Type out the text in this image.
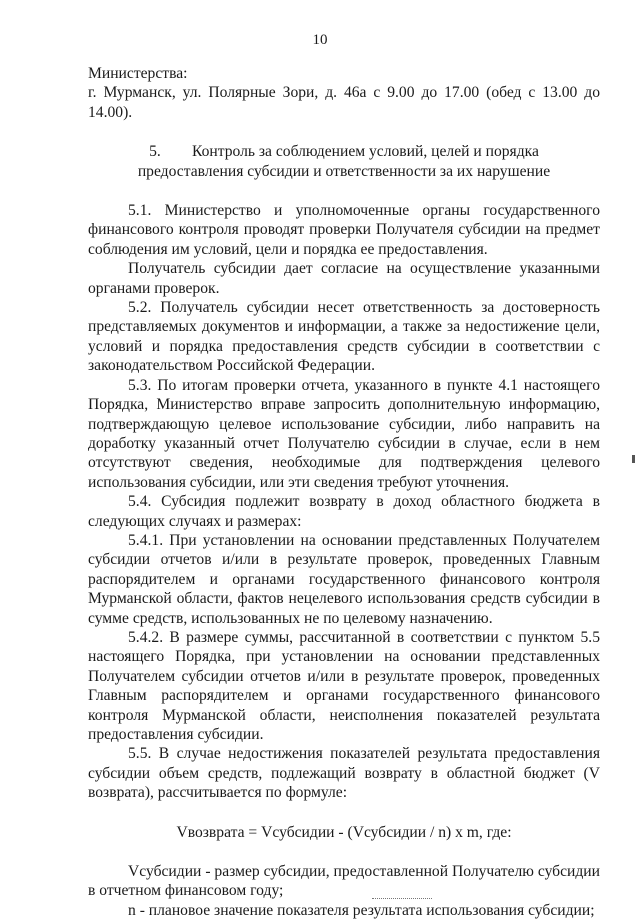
10

Министерства:

г. Мурманск, ул. Полярные Зори, д. 46а с 9.00 до 17.00 (обед с 13.00 до 14.00).

5.        Контроль за соблюдением условий, целей и порядка
предоставления субсидии и ответственности за их нарушение

5.1. Министерство и уполномоченные органы государственного финансового контроля проводят проверки Получателя субсидии на предмет соблюдения им условий, цели и порядка ее предоставления.

Получатель субсидии дает согласие на осуществление указанными органами проверок.

5.2. Получатель субсидии несет ответственность за достоверность представляемых документов и информации, а также за недостижение цели, условий и порядка предоставления средств субсидии в соответствии с законодательством Российской Федерации.

5.3. По итогам проверки отчета, указанного в пункте 4.1 настоящего Порядка, Министерство вправе запросить дополнительную информацию, подтверждающую целевое использование субсидии, либо направить на доработку указанный отчет Получателю субсидии в случае, если в нем отсутствуют сведения, необходимые для подтверждения целевого использования субсидии, или эти сведения требуют уточнения.

5.4. Субсидия подлежит возврату в доход областного бюджета в следующих случаях и размерах:

5.4.1. При установлении на основании представленных Получателем субсидии отчетов и/или в результате проверок, проведенных Главным распорядителем и органами государственного финансового контроля Мурманской области, фактов нецелевого использования средств субсидии в сумме средств, использованных не по целевому назначению.

5.4.2. В размере суммы, рассчитанной в соответствии с пунктом 5.5 настоящего Порядка, при установлении на основании представленных Получателем субсидии отчетов и/или в результате проверок, проведенных Главным распорядителем и органами государственного финансового контроля Мурманской области, неисполнения показателей результата предоставления субсидии.

5.5. В случае недостижения показателей результата предоставления субсидии объем средств, подлежащий возврату в областной бюджет (V возврата), рассчитывается по формуле:

Vвозврата = Vсубсидии - (Vсубсидии / n) x m, где:

Vсубсидии - размер субсидии, предоставленной Получателю субсидии в отчетном финансовом году;

n - плановое значение показателя результата использования субсидии;
